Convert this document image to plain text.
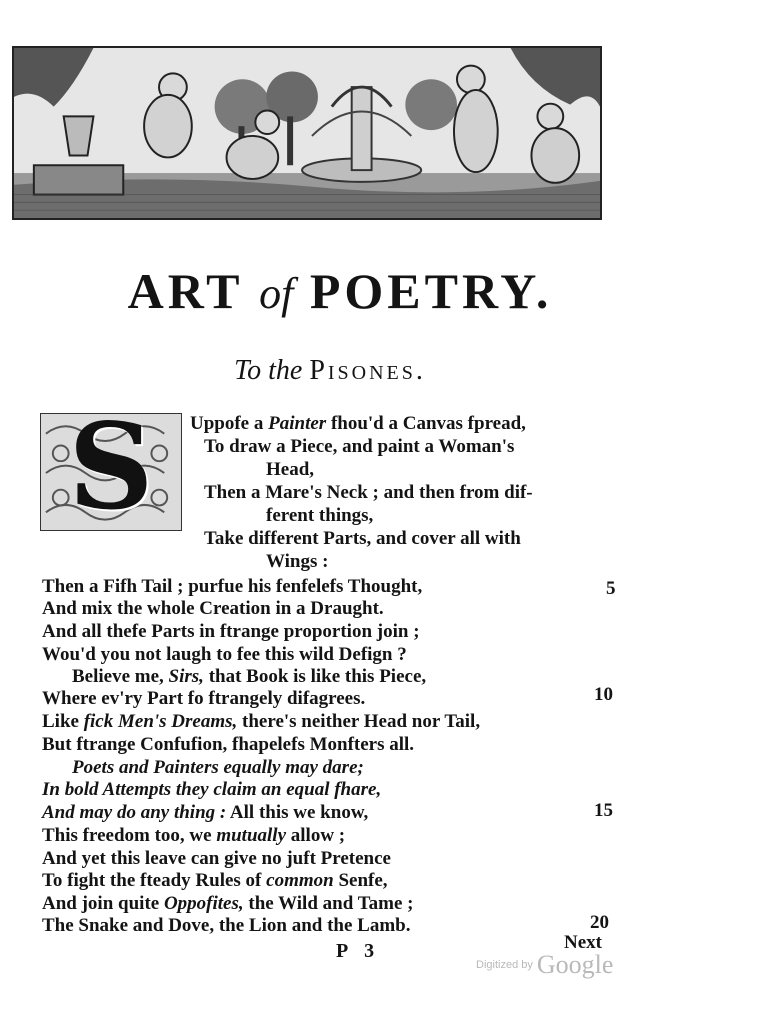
ART of POETRY.
To the Pisones.
S	Uppofe a Painter fhou'd a Canvas fpread,
To draw a Piece, and paint a Woman's
Head,
Then a Mare's Neck ; and then from dif-
ferent things,
Take different Parts, and cover all with
Wings :
Then a Fifh Tail ; purfue his fenfelefs Thought,
And mix the whole Creation in a Draught.
And all thefe Parts in ftrange proportion join ;
Wou'd you not laugh to fee this wild Defign ?
Believe me, Sirs, that Book is like this Piece,
Where ev'ry Part fo ftrangely difagrees.
Like fick Men's Dreams, there's neither Head nor Tail,
But ftrange Confufion, fhapelefs Monfters all.
Poets and Painters equally may dare;
In bold Attempts they claim an equal fhare,
And may do any thing : All this we know,
This freedom too, we mutually allow ;
And yet this leave can give no juft Pretence
To fight the fteady Rules of common Senfe,
And join quite Oppofites, the Wild and Tame ;
The Snake and Dove, the Lion and the Lamb.
5
10
15
20
P 3	Next
Digitized by Google
